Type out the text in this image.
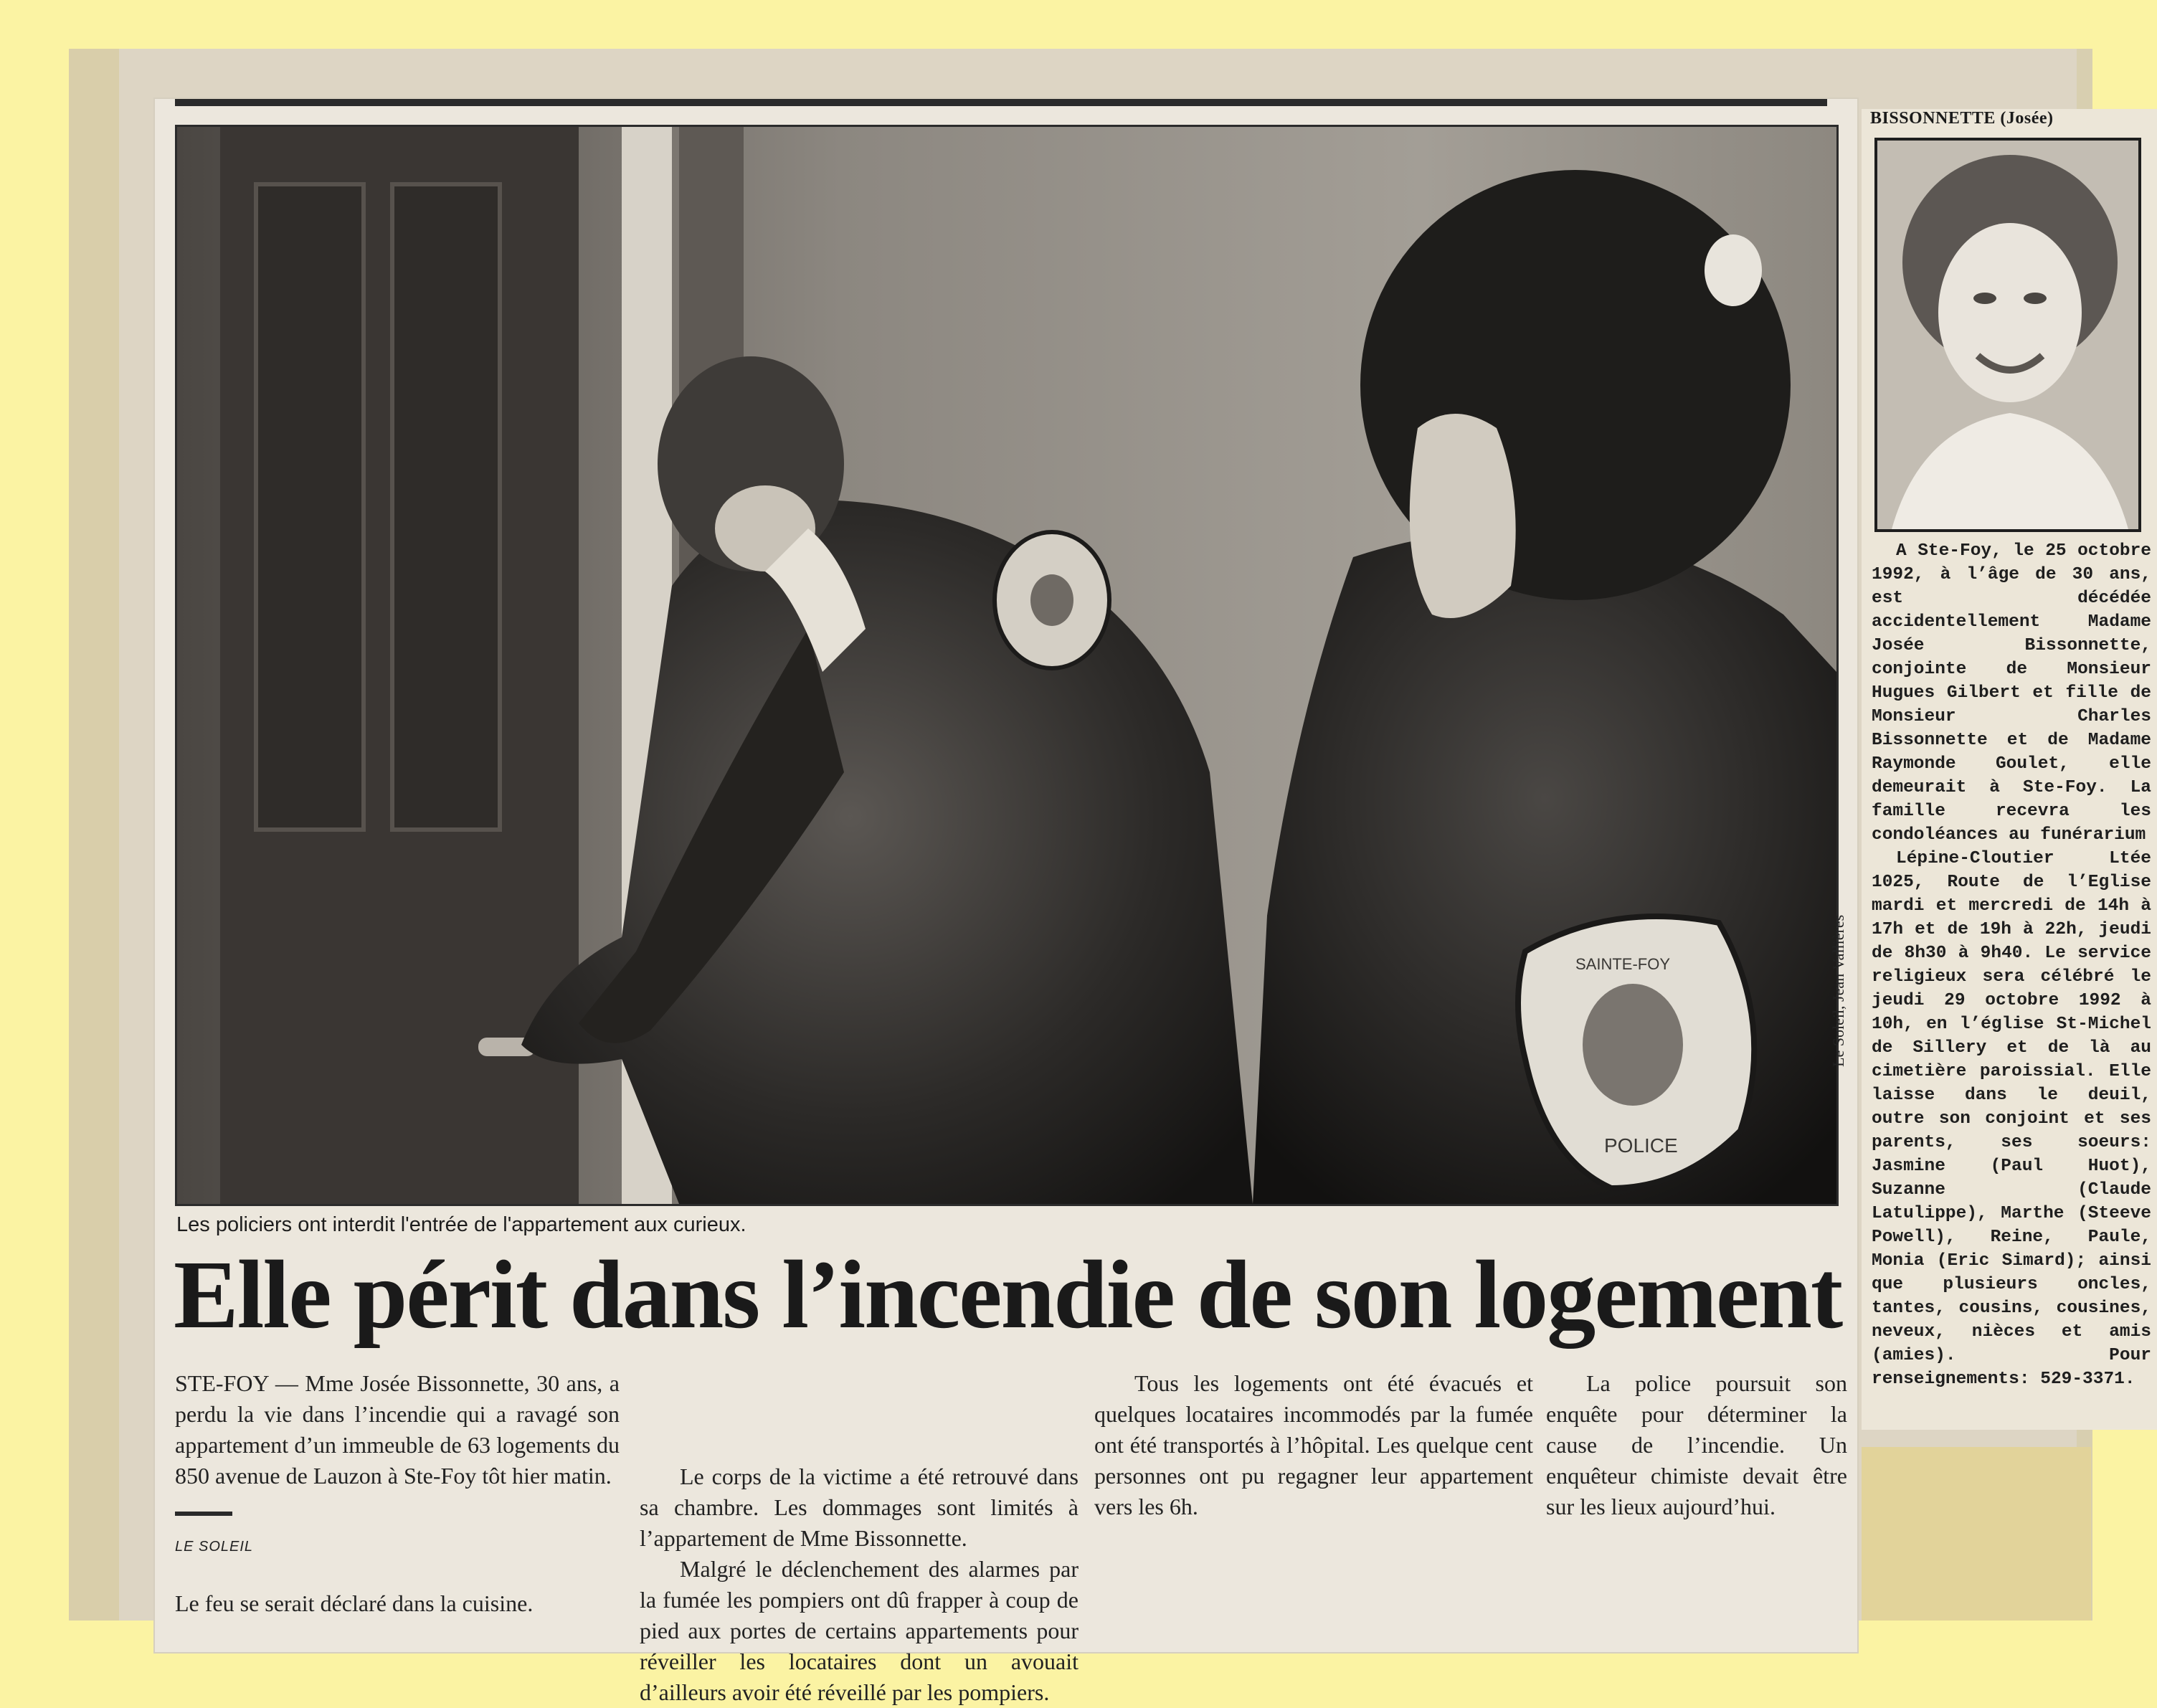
SAINTE-FOY
POLICE
Le Soleil, Jean Vallières
Les policiers ont interdit l'entrée de l'appartement aux curieux.
Elle périt dans l’incendie de son logement

STE-FOY — Mme Josée Bissonnette, 30 ans, a perdu la vie dans l’incendie qui a ravagé son appartement d’un immeuble de 63 logements du 850 avenue de Lauzon à Ste-Foy tôt hier matin.

LE SOLEIL

Le feu se serait déclaré dans la cuisine.

Le corps de la victime a été retrouvé dans sa chambre. Les dommages sont limités à l’appartement de Mme Bissonnette.

Malgré le déclenchement des alarmes par la fumée les pompiers ont dû frapper à coup de pied aux portes de certains appartements pour réveiller les locataires dont un avouait d’ailleurs avoir été réveillé par les pompiers.

Tous les logements ont été évacués et quelques locataires incommodés par la fumée ont été transportés à l’hôpital. Les quelque cent personnes ont pu regagner leur appartement vers les 6h.

La police poursuit son enquête pour déterminer la cause de l’incendie. Un enquêteur chimiste devait être sur les lieux aujourd’hui.

BISSONNETTE (Josée)

A Ste-Foy, le 25 octobre 1992, à l’âge de 30 ans, est décédée accidentellement Madame Josée Bissonnette, conjointe de Monsieur Hugues Gilbert et fille de Monsieur Charles Bissonnette et de Madame Raymonde Goulet, elle demeurait à Ste-Foy. La famille recevra les condoléances au funérarium

Lépine-Cloutier Ltée 1025, Route de l’Eglise mardi et mercredi de 14h à 17h et de 19h à 22h, jeudi de 8h30 à 9h40. Le service religieux sera célébré le jeudi 29 octobre 1992 à 10h, en l’église St-Michel de Sillery et de là au cimetière paroissial. Elle laisse dans le deuil, outre son conjoint et ses parents, ses soeurs: Jasmine (Paul Huot), Suzanne (Claude Latulippe), Marthe (Steeve Powell), Reine, Paule, Monia (Eric Simard); ainsi que plusieurs oncles, tantes, cousins, cousines, neveux, nièces et amis (amies). Pour renseignements: 529-3371.
